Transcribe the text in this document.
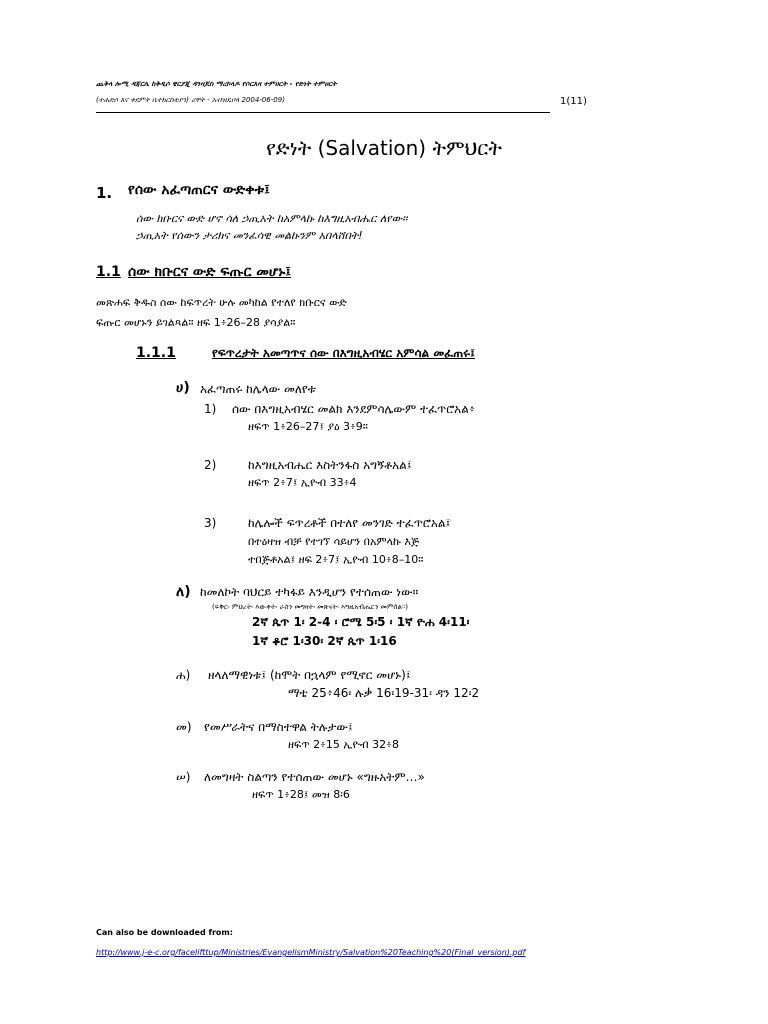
ጨቅላ ሎሚ ዳጃርሌ ከቅዲሶ ዌርያጂ ዳንዛጆስ ማረኮላዶ የሶርእዛ ተምሀርት - የድነት ተምሀርት
(ተሐድሶ እና ቀደምት ቤተክርስቲያን) ሪቸት - አብዝዴቦላ 2004-06-09)	1(11)
የድነት (Salvation) ትምህርት
1. የሰው አፈጣጠርና ውድቀቱ፤
ሰው ክቡርና ውድ ሆኖ ሳለ ኃጢአት ከአምላኩ ከእግዚአብሔር ለየው።
ኃጢአት የሰውን ታሪክና መንፈሳዊ መልኩንም አበላሸበት!
1.1 ሰው ክቡርና ውድ ፍጡር መሆኑ፤
መጽሐፍ ቅዱስ ሰው ከፍጥረት ሁሉ መካከል የተለየ ክቡርና ውድ
ፍጡር መሆኑን ይገልጻል። ዘፍ 1፥26–28 ያሳያል።
1.1.1	የፍጥረታት አመጣጥና ሰው በእግዚአብሄር አምሳል መፈጠሩ፤
ሀ) አፈጣጠሩ ከሌላው መለየቱ
1) ሰው በእግዚአብሄር መልክ እንደምሳሌውም ተፈጥሮአል፥
ዘፍጥ 1፥26–27፤ ያዕ 3፥9።
2)	ከእግዚአብሔር እስትንፋስ አግኝቶአል፤
ዘፍጥ 2፥7፤ ኢዮብ 33፥4
3)	ከሌሎች ፍጥረቶች በተለየ መንገድ ተፈጥሮአል፤
በተዕዛዝ ብቻ የተገኘ ሳይሆን በአምላኩ እጅ
ተበጅቶአል፤ ዘፍ 2፥7፤ ኢዮብ 10፥8–10።
ለ) ከመለኮት ባህርይ ተካፋይ እንዲሆን የተሰጠው ነው።
(ፍቅር፡ ምህረት፡ እውቀት፡ ራስን መግዛት፡ መጽናት፡ እግዚአብሔርን መምሰል።)
2ኛ ጴጥ 1፡ 2-4 ፡ ሮሜ 5፡5 ፡ 1ኛ ዮሐ 4፡11፡
1ኛ ቆሮ 1፡30፡ 2ኛ ጴጥ 1፡16
ሐ) ዘላለማዊነቱ፤ (ከሞት በኋላም የሚኖር መሆኑ)፤
ማቴ 25፥46፡ ሉቃ 16፡19-31፡ ዳን 12፡2
መ) የመሥራትና በማስተዋል ትሉታው፤
ዘፍጥ 2፥15 ኢዮብ 32፥8
ሠ) ለመግዛት ስልጣን የተሰጠው መሆኑ «ግዙአትም…»
ዘፍጥ 1፥28፤ መዝ 8፡6
Can also be downloaded from:
http://www.j-e-c.org/facelifttup/Ministries/EvangelismMinistry/Salvation%20Teaching%20(Final_version).pdf
